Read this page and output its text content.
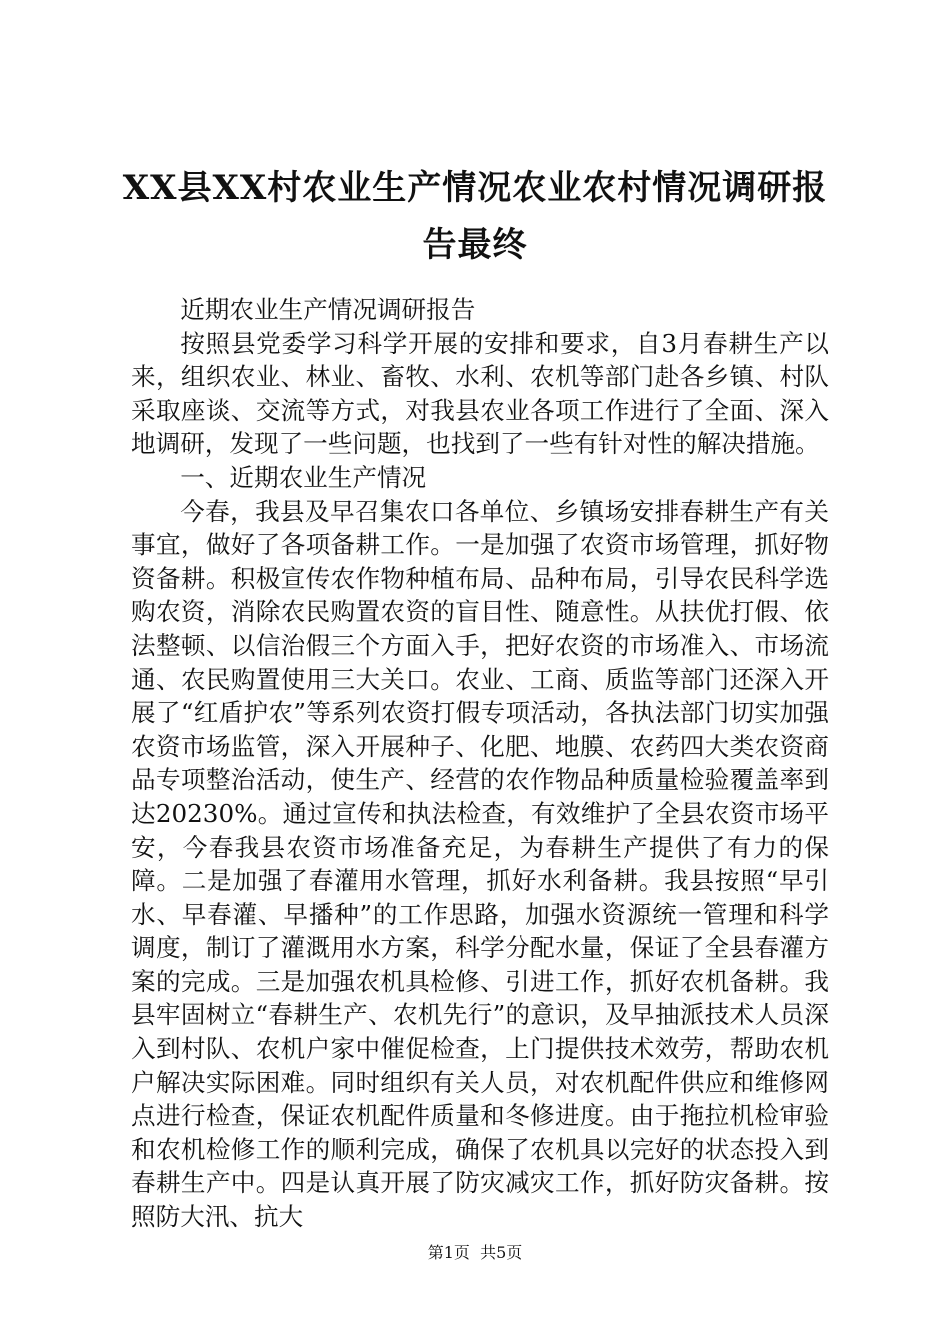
XX县XX村农业生产情况农业农村情况调研报告最终

近期农业生产情况调研报告

按照县党委学习科学开展的安排和要求，自3月春耕生产以来，组织农业、林业、畜牧、水利、农机等部门赴各乡镇、村队采取座谈、交流等方式，对我县农业各项工作进行了全面、深入地调研，发现了一些问题，也找到了一些有针对性的解决措施。

一、近期农业生产情况

今春，我县及早召集农口各单位、乡镇场安排春耕生产有关事宜，做好了各项备耕工作。一是加强了农资市场管理，抓好物资备耕。积极宣传农作物种植布局、品种布局，引导农民科学选购农资，消除农民购置农资的盲目性、随意性。从扶优打假、依法整顿、以信治假三个方面入手，把好农资的市场准入、市场流通、农民购置使用三大关口。农业、工商、质监等部门还深入开展了“红盾护农”等系列农资打假专项活动，各执法部门切实加强农资市场监管，深入开展种子、化肥、地膜、农药四大类农资商品专项整治活动，使生产、经营的农作物品种质量检验覆盖率到达20230%。通过宣传和执法检查，有效维护了全县农资市场平安，今春我县农资市场准备充足，为春耕生产提供了有力的保障。二是加强了春灌用水管理，抓好水利备耕。我县按照“早引水、早春灌、早播种”的工作思路，加强水资源统一管理和科学调度，制订了灌溉用水方案，科学分配水量，保证了全县春灌方案的完成。三是加强农机具检修、引进工作，抓好农机备耕。我县牢固树立“春耕生产、农机先行”的意识，及早抽派技术人员深入到村队、农机户家中催促检查，上门提供技术效劳，帮助农机户解决实际困难。同时组织有关人员，对农机配件供应和维修网点进行检查，保证农机配件质量和冬修进度。由于拖拉机检审验和农机检修工作的顺利完成，确保了农机具以完好的状态投入到春耕生产中。四是认真开展了防灾减灾工作，抓好防灾备耕。按照防大汛、抗大

第1页 共5页
